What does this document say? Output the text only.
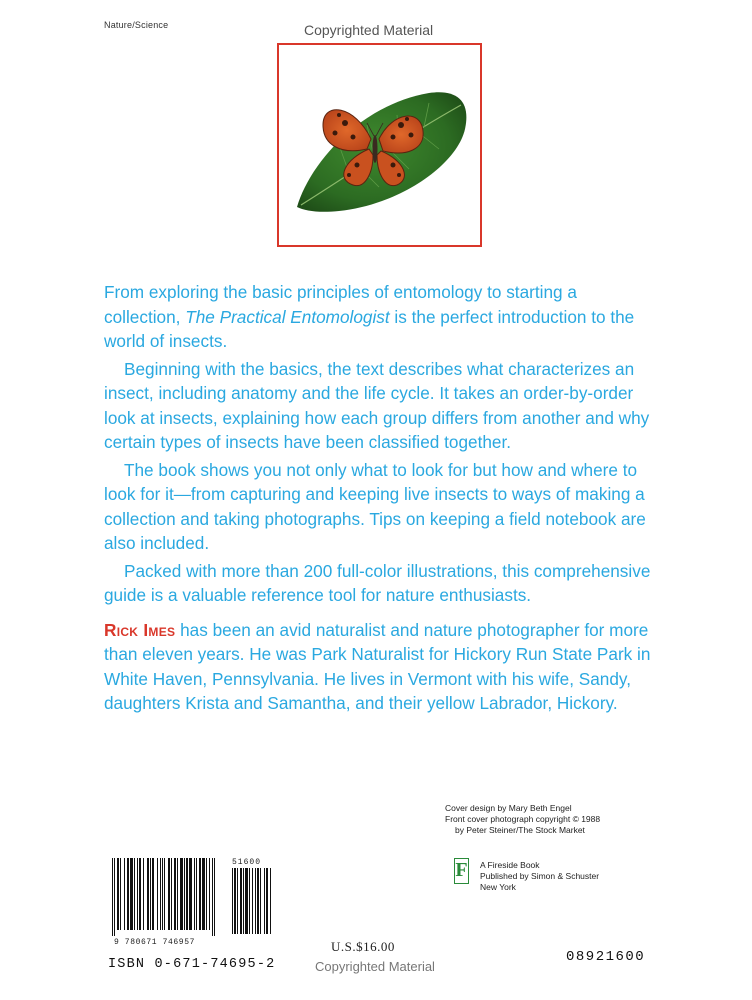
Nature/Science	Copyrighted Material

From exploring the basic principles of entomology to starting a collection, The Practical Entomologist is the perfect introduction to the world of insects.

Beginning with the basics, the text describes what characterizes an insect, including anatomy and the life cycle. It takes an order-by-order look at insects, explaining how each group differs from another and why certain types of insects have been classified together.

The book shows you not only what to look for but how and where to look for it—from capturing and keeping live insects to ways of making a collection and taking photographs. Tips on keeping a field notebook are also included.

Packed with more than 200 full-color illustrations, this comprehensive guide is a valuable reference tool for nature enthusiasts.

Rick Imes has been an avid naturalist and nature photographer for more than eleven years. He was Park Naturalist for Hickory Run State Park in White Haven, Pennsylvania. He lives in Vermont with his wife, Sandy, daughters Krista and Samantha, and their yellow Labrador, Hickory.

Cover design by Mary Beth Engel
Front cover photograph copyright © 1988
by Peter Steiner/The Stock Market
F A Fireside Book
Published by Simon & Schuster
New York
51600
9 780671 746957	U.S.$16.00
ISBN 0-671-74695-2	Copyrighted Material
08921600
